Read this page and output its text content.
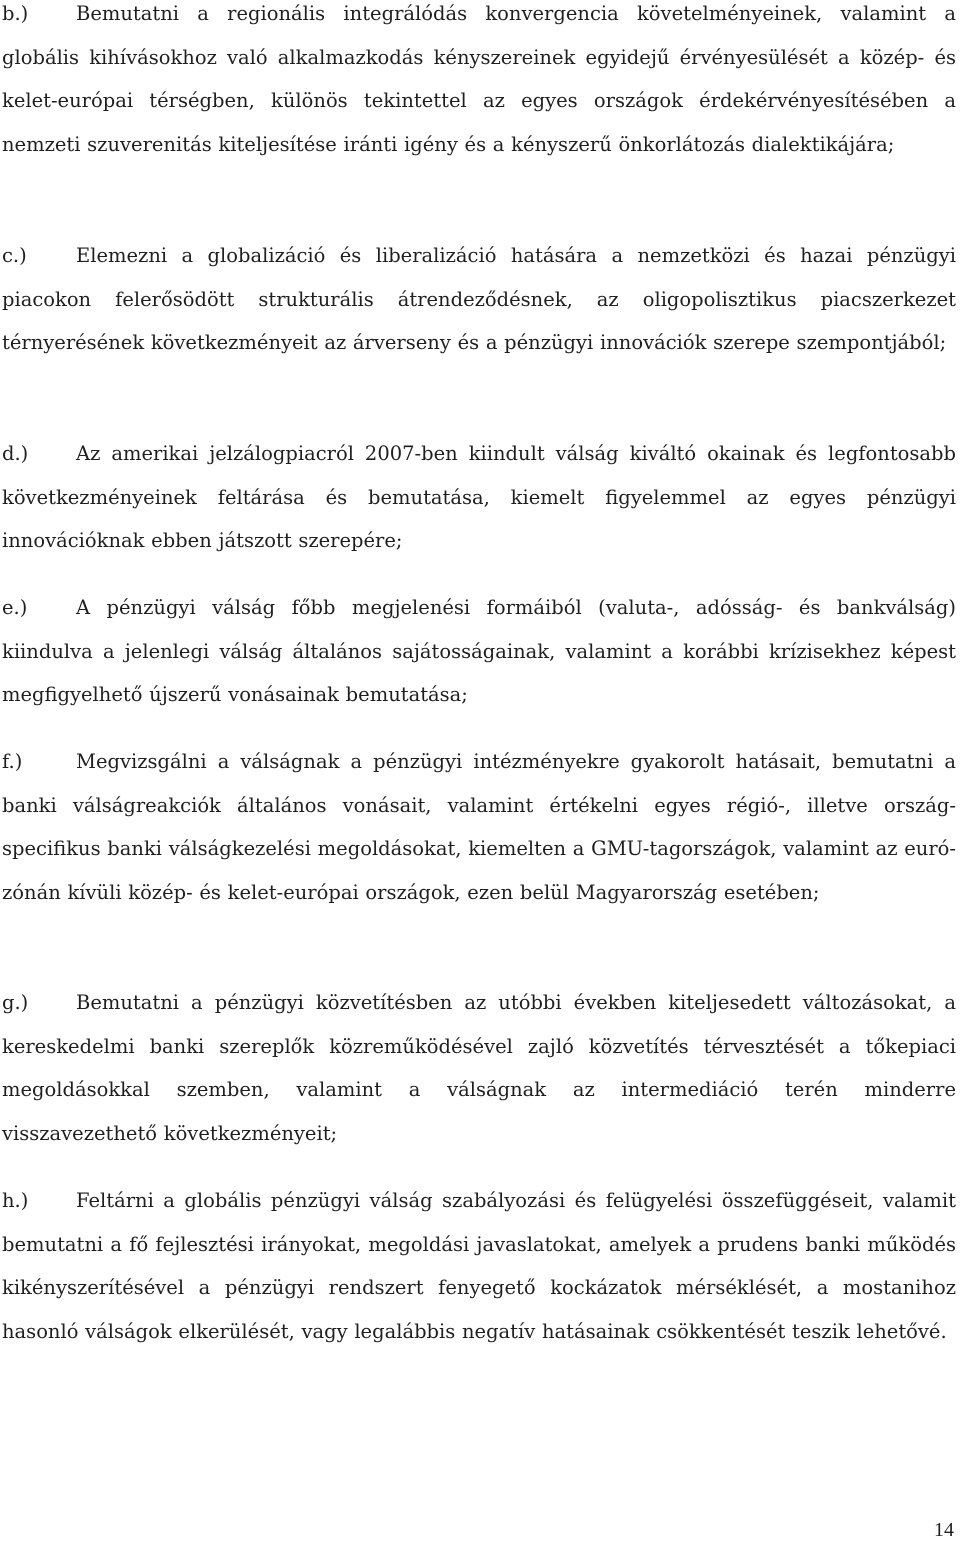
b.) Bemutatni a regionális integrálódás konvergencia követelményeinek, valamint a globális kihívásokhoz való alkalmazkodás kényszereinek egyidejű érvényesülését a közép- és kelet-európai térségben, különös tekintettel az egyes országok érdekérvényesítésében a nemzeti szuverenitás kiteljesítése iránti igény és a kényszerű önkorlátozás dialektikájára;

c.)	Elemezni a globalizáció és liberalizáció hatására a nemzetközi és hazai pénzügyi piacokon felerősödött strukturális átrendeződésnek, az oligopolisztikus piacszerkezet térnyerésének következményeit az árverseny és a pénzügyi innovációk szerepe szempontjából;

d.) Az amerikai jelzálogpiacról 2007-ben kiindult válság kiváltó okainak és legfontosabb következményeinek feltárása és bemutatása, kiemelt figyelemmel az egyes pénzügyi innovációknak ebben játszott szerepére;

e.) A pénzügyi válság főbb megjelenési formáiból (valuta-, adósság- és bankválság) kiindulva a jelenlegi válság általános sajátosságainak, valamint a korábbi krízisekhez képest megfigyelhető újszerű vonásainak bemutatása;

f.)	Megvizsgálni a válságnak a pénzügyi intézményekre gyakorolt hatásait, bemutatni a banki válságreakciók általános vonásait, valamint értékelni egyes régió-, illetve ország-specifikus banki válságkezelési megoldásokat, kiemelten a GMU-tagországok, valamint az euró-zónán kívüli közép- és kelet-európai országok, ezen belül Magyarország esetében;

g.) Bemutatni a pénzügyi közvetítésben az utóbbi években kiteljesedett változásokat, a kereskedelmi banki szereplők közreműködésével zajló közvetítés térvesztését a tőkepiaci megoldásokkal szemben, valamint a válságnak az intermediáció terén minderre visszavezethető következményeit;

h.) Feltárni a globális pénzügyi válság szabályozási és felügyelési összefüggéseit, valamit bemutatni a fő fejlesztési irányokat, megoldási javaslatokat, amelyek a prudens banki működés kikényszerítésével a pénzügyi rendszert fenyegető kockázatok mérséklését, a mostanihoz hasonló válságok elkerülését, vagy legalábbis negatív hatásainak csökkentését teszik lehetővé.

14
